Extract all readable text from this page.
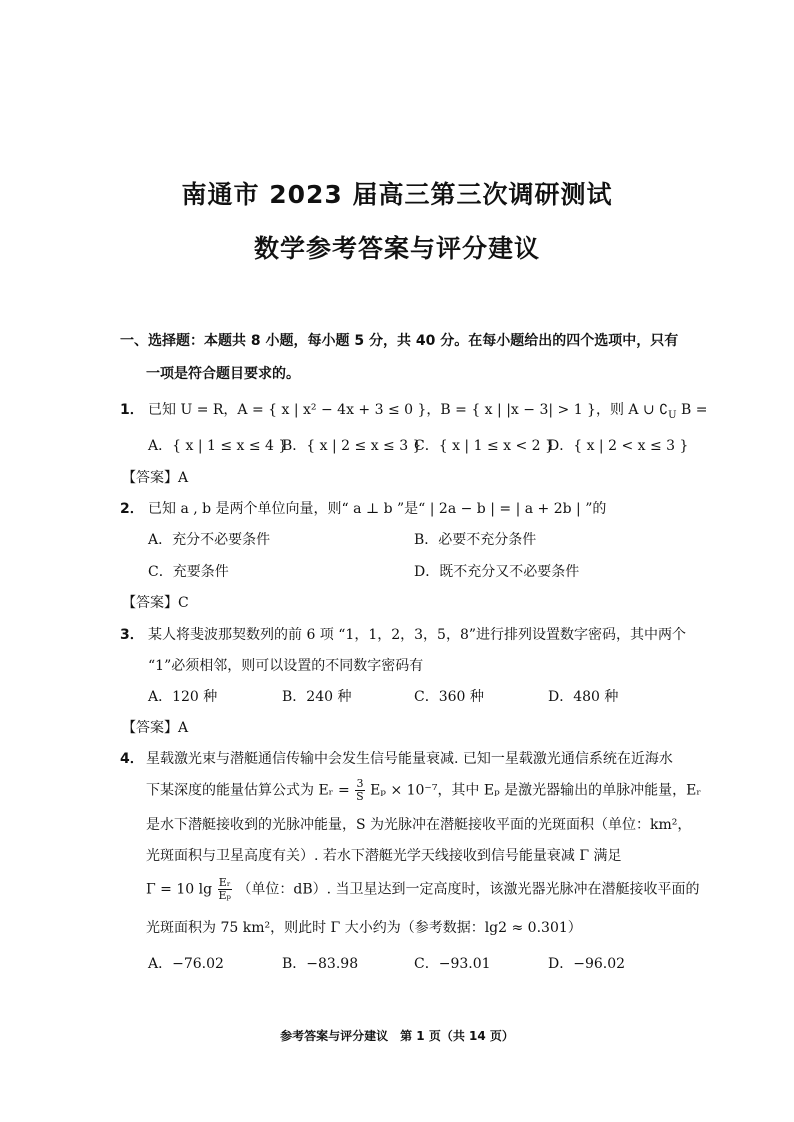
南通市 2023 届高三第三次调研测试
数学参考答案与评分建议
一、选择题：本题共 8 小题，每小题 5 分，共 40 分。在每小题给出的四个选项中，只有
一项是符合题目要求的。
1． 已知 U = R，A = { x | x² − 4x + 3 ≤ 0 }，B = { x | |x − 3| > 1 }，则 A ∪ $∁_U$ B =
A．{ x | 1 ≤ x ≤ 4 }
B．{ x | 2 ≤ x ≤ 3 }
C．{ x | 1 ≤ x < 2 }
D．{ x | 2 < x ≤ 3 }
【答案】A
2． 已知 a , b 是两个单位向量，则“ a ⊥ b ”是“ | 2a − b | = | a + 2b | ”的
A．充分不必要条件	B．必要不充分条件
C．充要条件	D．既不充分又不必要条件
【答案】C
3． 某人将斐波那契数列的前 6 项 “1，1，2，3，5，8”进行排列设置数字密码，其中两个
“1”必须相邻，则可以设置的不同数字密码有
A．120 种	B．240 种	C．360 种	D．480 种
【答案】A
4． 星载激光束与潜艇通信传输中会发生信号能量衰减. 已知一星载激光通信系统在近海水
下某深度的能量估算公式为 Eᵣ = $\frac{3}{S}$ Eₚ × 10⁻⁷，其中 Eₚ 是激光器输出的单脉冲能量，Eᵣ
是水下潜艇接收到的光脉冲能量，S 为光脉冲在潜艇接收平面的光斑面积（单位：km²，
光斑面积与卫星高度有关）. 若水下潜艇光学天线接收到信号能量衰减 Γ 满足
Γ = 10 $\lg \frac{\text{Eᵣ}}{\text{Eₚ}}$ （单位：dB）. 当卫星达到一定高度时，该激光器光脉冲在潜艇接收平面的
光斑面积为 75 km²，则此时 Γ 大小约为（参考数据：lg2 ≈ 0.301）
A．−76.02	B．−83.98	C．−93.01	D．−96.02
参考答案与评分建议　第 1 页（共 14 页）
